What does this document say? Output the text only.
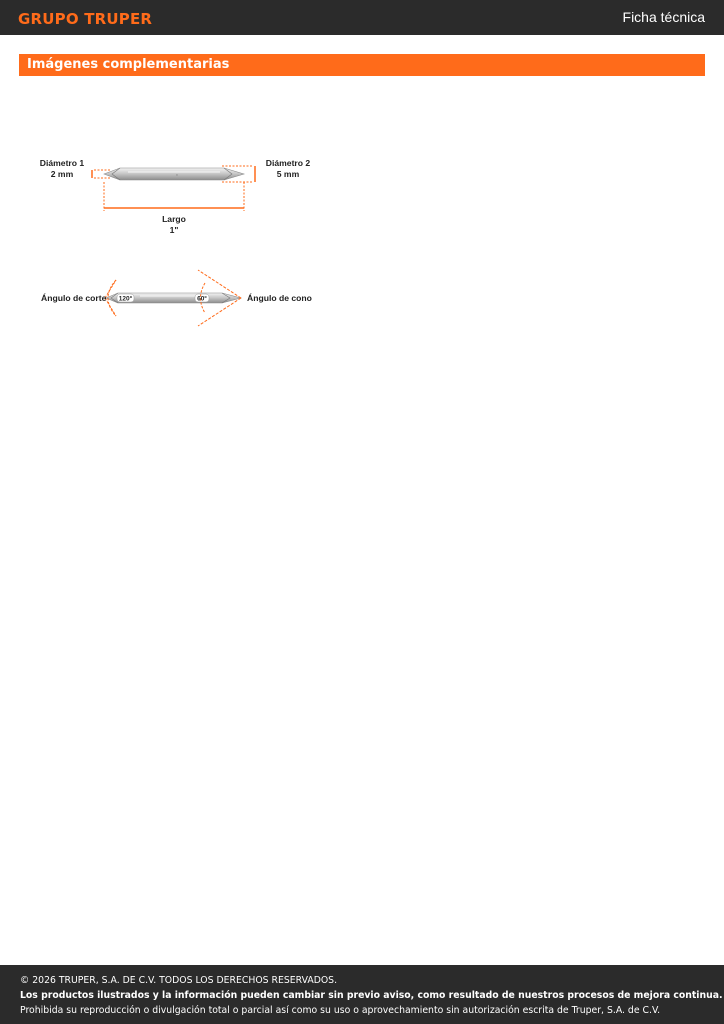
GRUPO TRUPER	Ficha técnica
Imágenes complementarias
◦
Diámetro 1
2 mm
Diámetro 2
5 mm
Largo
1"
120°	60°
Ángulo de corte	Ángulo de cono
© 2026 TRUPER, S.A. DE C.V. TODOS LOS DERECHOS RESERVADOS.
Los productos ilustrados y la información pueden cambiar sin previo aviso, como resultado de nuestros procesos de mejora continua.
Prohibida su reproducción o divulgación total o parcial así como su uso o aprovechamiento sin autorización escrita de Truper, S.A. de C.V.
